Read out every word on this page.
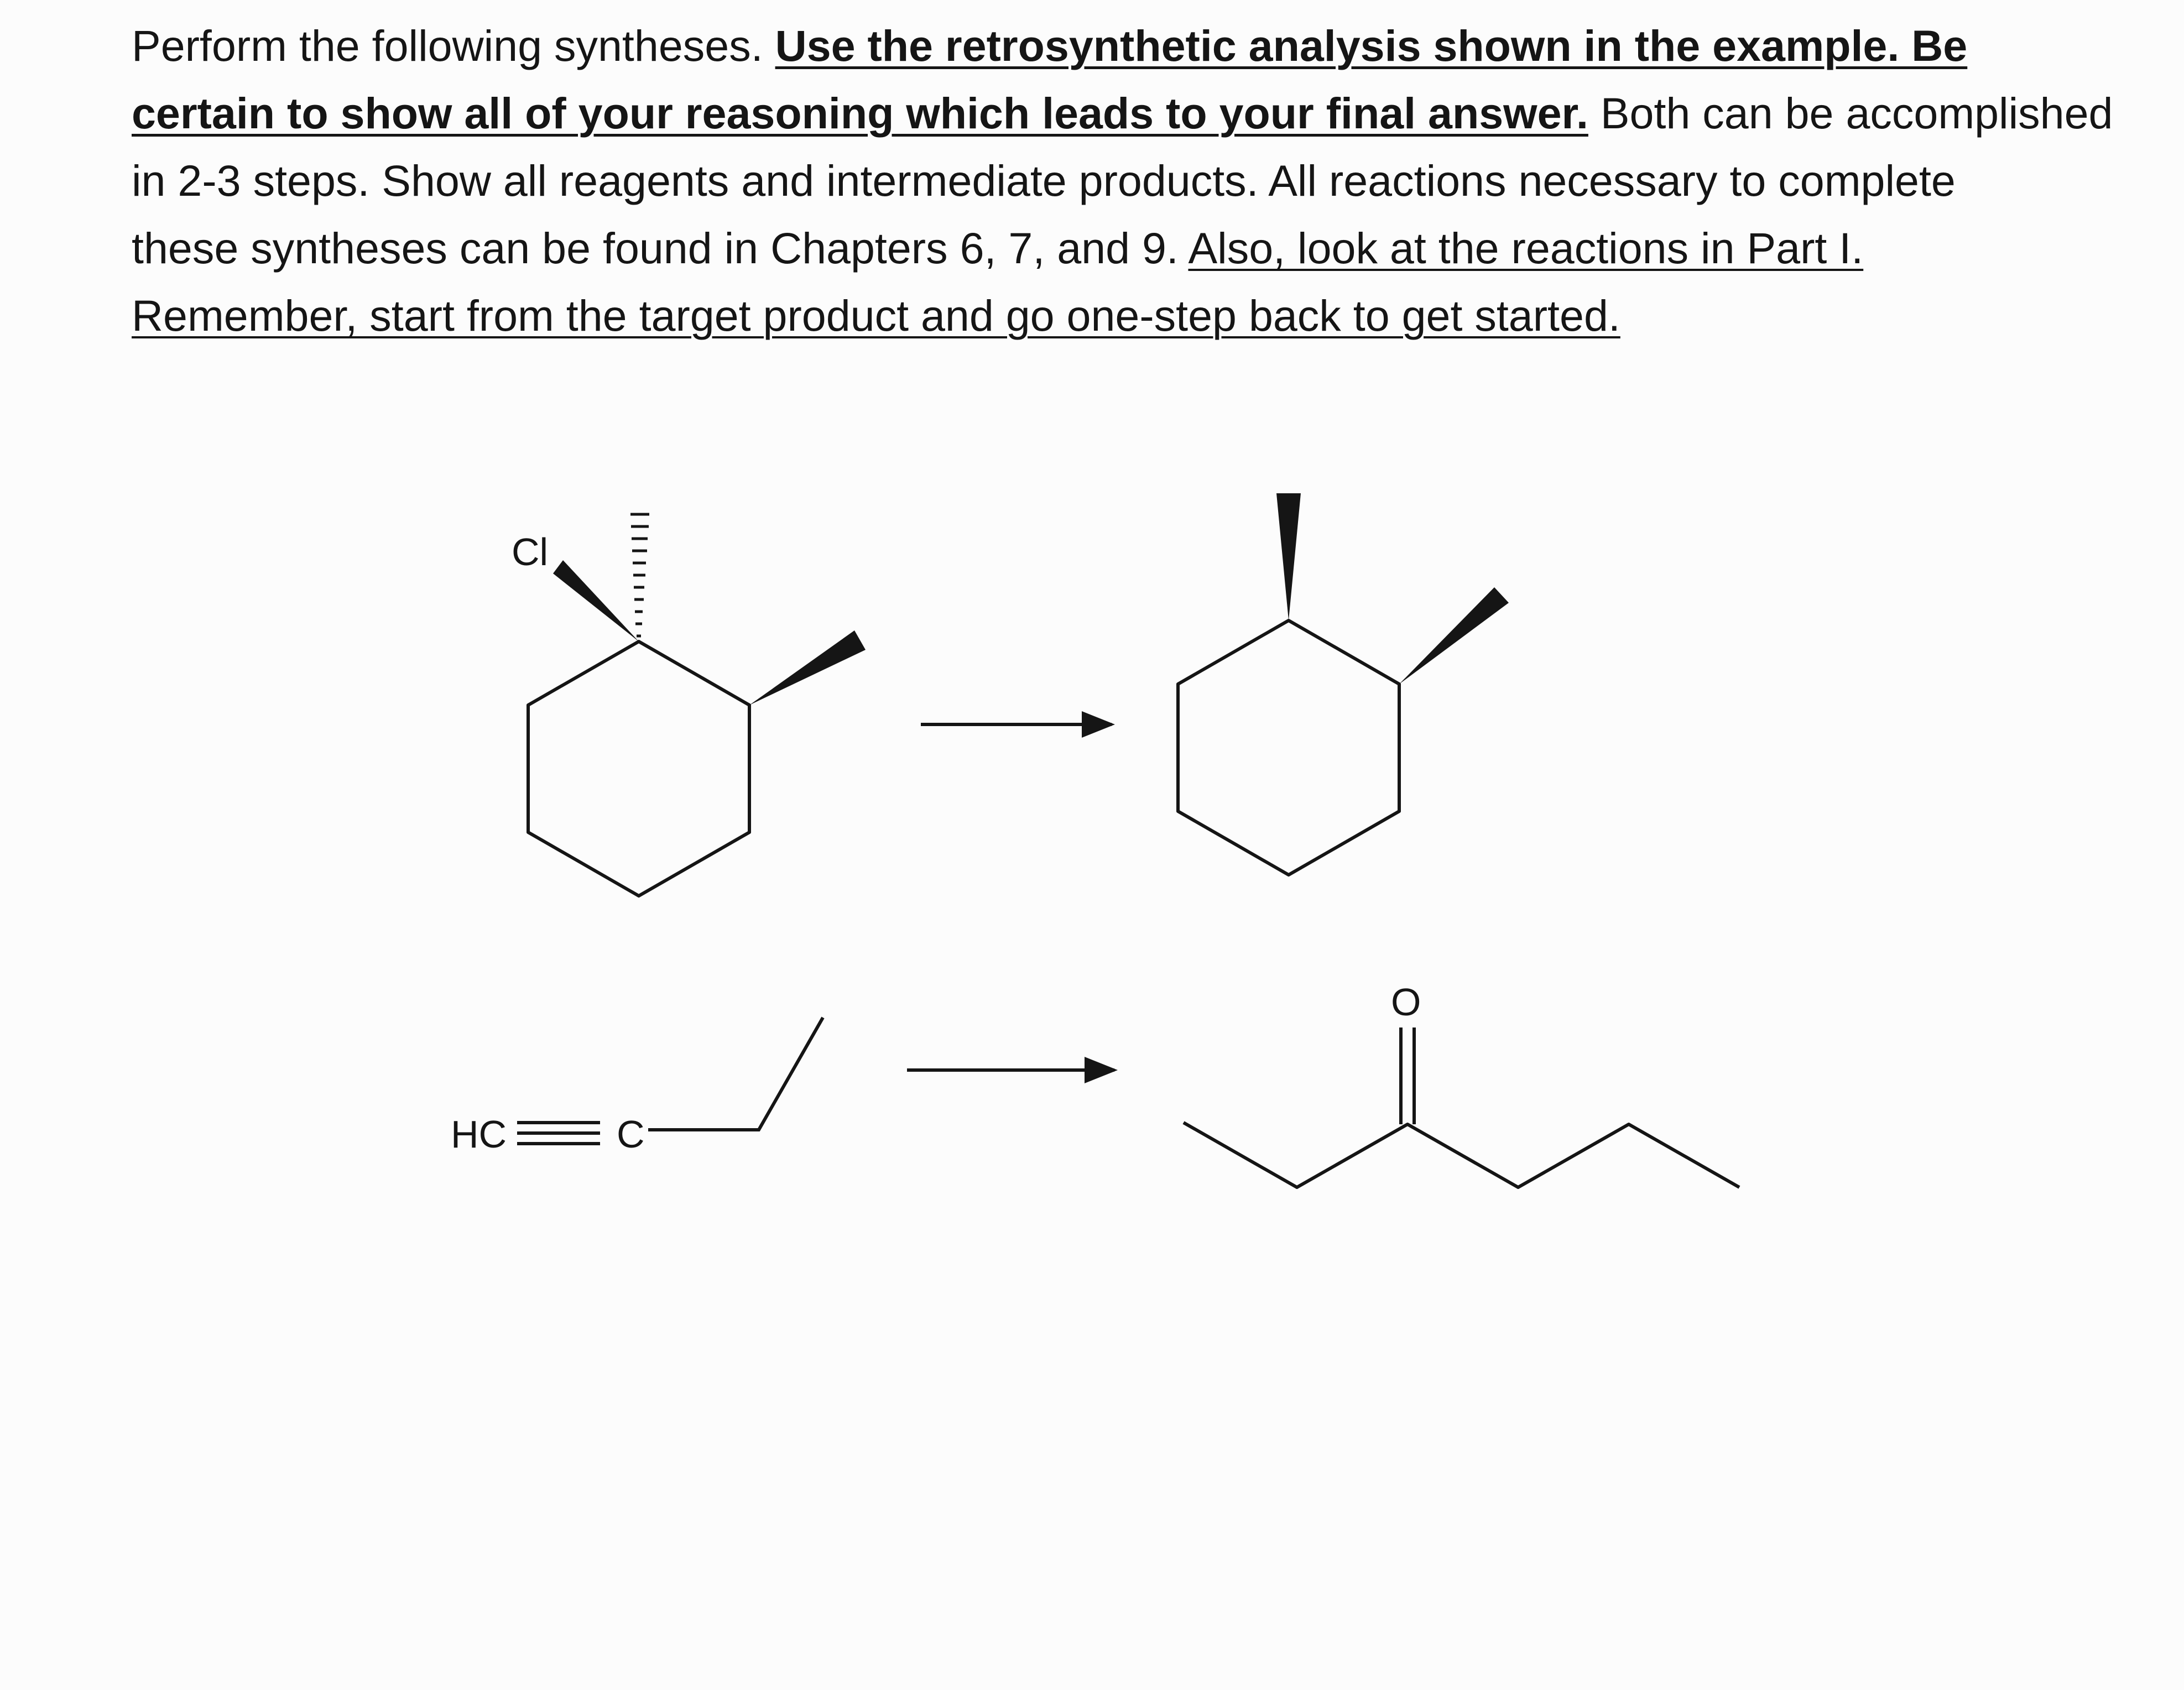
Perform the following syntheses. Use the retrosynthetic analysis shown in the example. Be
certain to show all of your reasoning which leads to your final answer. Both can be accomplished
in 2-3 steps. Show all reagents and intermediate products. All reactions necessary to complete
these syntheses can be found in Chapters 6, 7, and 9. Also, look at the reactions in Part I.
Remember, start from the target product and go one-step back to get started.
Cl
HC	C
O
